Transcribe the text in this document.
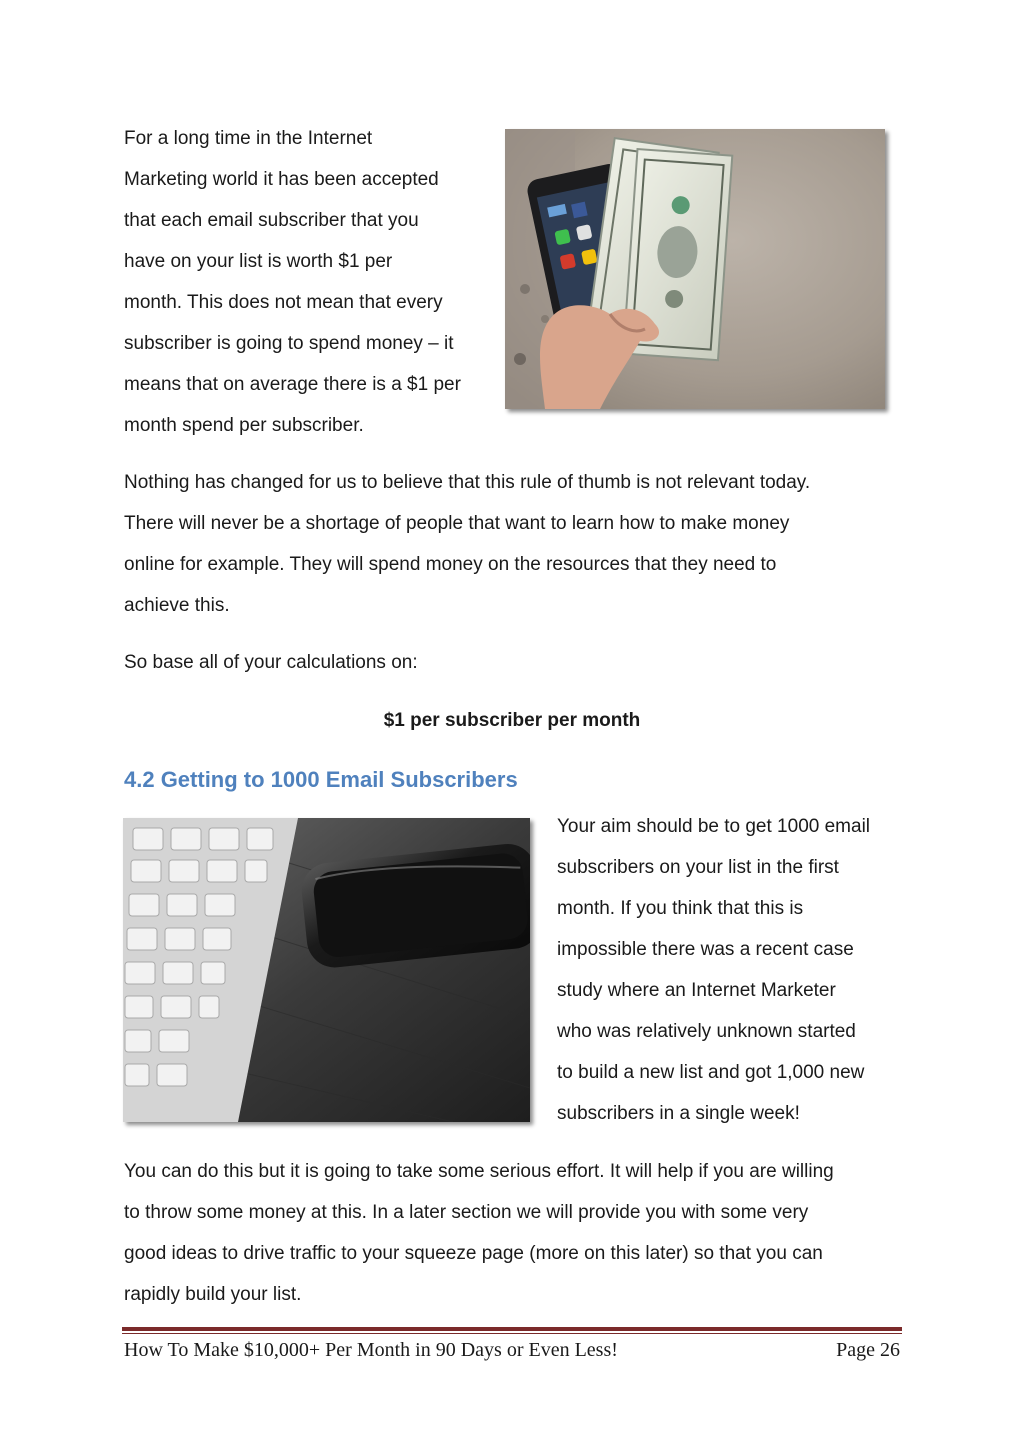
For a long time in the Internet
Marketing world it has been accepted
that each email subscriber that you
have on your list is worth $1 per
month. This does not mean that every
subscriber is going to spend money – it
means that on average there is a $1 per
month spend per subscriber.
Nothing has changed for us to believe that this rule of thumb is not relevant today.
There will never be a shortage of people that want to learn how to make money
online for example. They will spend money on the resources that they need to
achieve this.

So base all of your calculations on:

$1 per subscriber per month

4.2 Getting to 1000 Email Subscribers
Your aim should be to get 1000 email
subscribers on your list in the first
month. If you think that this is
impossible there was a recent case
study where an Internet Marketer
who was relatively unknown started
to build a new list and got 1,000 new
subscribers in a single week!
You can do this but it is going to take some serious effort. It will help if you are willing
to throw some money at this. In a later section we will provide you with some very
good ideas to drive traffic to your squeeze page (more on this later) so that you can
rapidly build your list.
How To Make $10,000+ Per Month in 90 Days or Even Less!	Page 26
